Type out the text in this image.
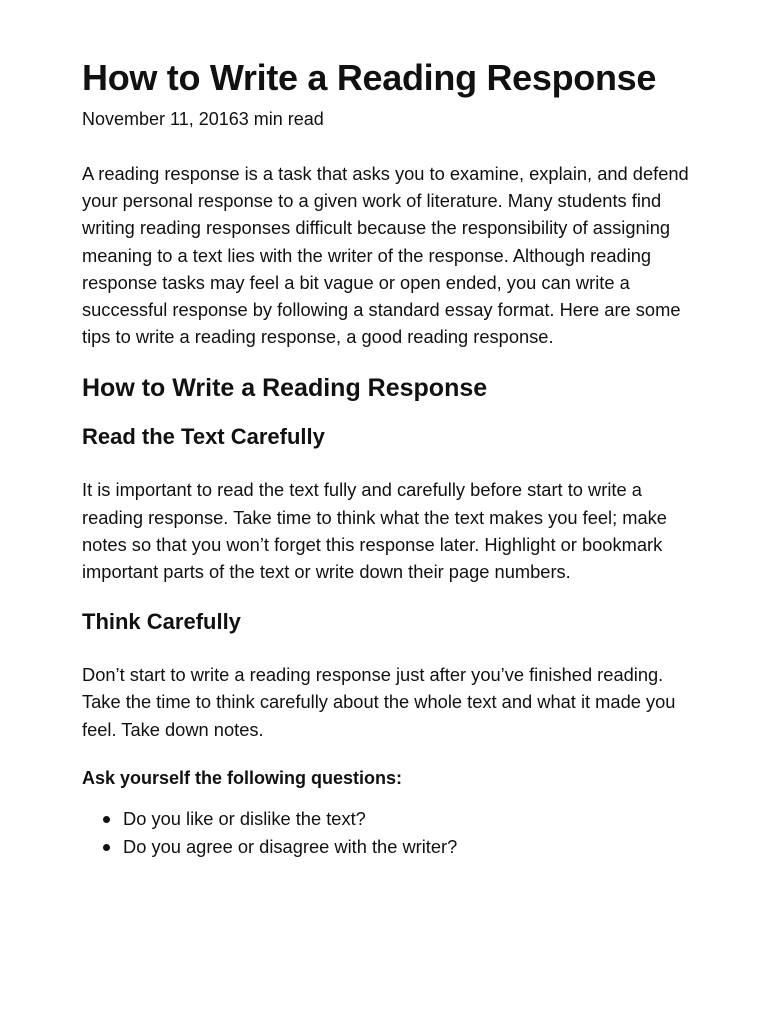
How to Write a Reading Response
November 11, 20163 min read

A reading response is a task that asks you to examine, explain, and defend your personal response to a given work of literature. Many students find writing reading responses difficult because the responsibility of assigning meaning to a text lies with the writer of the response. Although reading response tasks may feel a bit vague or open ended, you can write a successful response by following a standard essay format. Here are some tips to write a reading response, a good reading response.

How to Write a Reading Response
Read the Text Carefully

It is important to read the text fully and carefully before start to write a reading response. Take time to think what the text makes you feel; make notes so that you won’t forget this response later. Highlight or bookmark important parts of the text or write down their page numbers.

Think Carefully

Don’t start to write a reading response just after you’ve finished reading. Take the time to think carefully about the whole text and what it made you feel. Take down notes.

Ask yourself the following questions:
Do you like or dislike the text?
Do you agree or disagree with the writer?
